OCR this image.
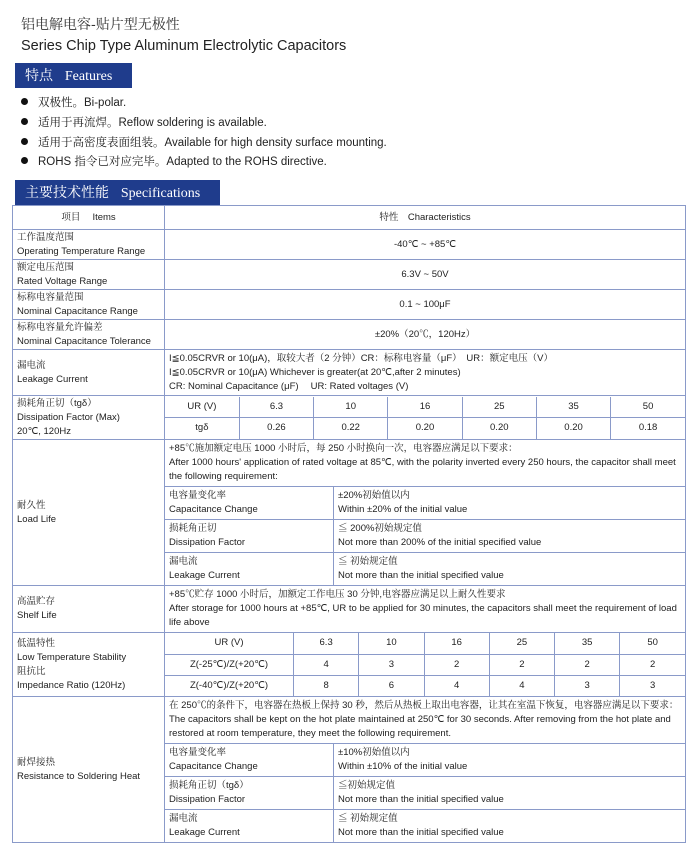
铝电解电容-贴片型无极性
Series Chip Type Aluminum Electrolytic Capacitors
特点 Features
双极性。Bi-polar.
适用于再流焊。Reflow soldering is available.
适用于高密度表面组装。Available for high density surface mounting.
ROHS 指令已对应完毕。Adapted to the ROHS directive.
主要技术性能 Specifications
项目　 Items	特性　Characteristics

工作温度范围
Operating Temperature Range
	-40℃ ~ +85℃

额定电压范围
Rated Voltage Range
	6.3V ~ 50V

标称电容量范围
Nominal Capacitance Range
	0.1 ~ 100μF

标称电容量允许偏差
Nominal Capacitance Tolerance
	±20%（20℃，120Hz）

漏电流
Leakage Current

I≦0.05CRVR or 10(μA)，取较大者（2 分钟）CR：标称电容量（μF）　UR：额定电压（V）
I≦0.05CRVR or 10(μA) Whichever is greater(at 20℃,after 2 minutes)
CR: Nominal Capacitance (μF)　 UR: Rated voltages (V)

损耗角正切（tgδ）
Dissipation Factor (Max)
20℃, 120Hz

UR (V)	6.3	10	16	25	35	50
tgδ	0.26	0.22	0.20	0.20	0.20	0.18

耐久性
Load Life

+85℃施加额定电压 1000 小时后，每 250 小时换向一次，电容器应满足以下要求：
After 1000 hours' application of rated voltage at 85℃, with the polarity inverted every 250 hours, the capacitor shall meet the following requirement:
电容量变化率
Capacitance Change

±20%初始值以内
Within ±20% of the initial value

损耗角正切
Dissipation Factor

≦ 200%初始规定值
Not more than 200% of the initial specified value

漏电流
Leakage Current

≦ 初始规定值
Not more than the initial specified value

高温贮存
Shelf Life

+85℃贮存 1000 小时后，加额定工作电压 30 分钟,电容器应满足以上耐久性要求
After storage for 1000 hours at +85℃, UR to be applied for 30 minutes, the capacitors shall meet the requirement of load life above

低温特性
Low Temperature Stability
阻抗比
Impedance Ratio (120Hz)

UR (V)	6.3	10	16	25	35	50
Z(-25℃)/Z(+20℃)	4	3	2	2	2	2
Z(-40℃)/Z(+20℃)	8	6	4	4	3	3

耐焊接热
Resistance to Soldering Heat

在 250℃的条件下，电容器在热板上保持 30 秒，然后从热板上取出电容器，让其在室温下恢复，电容器应满足以下要求：
The capacitors shall be kept on the hot plate maintained at 250℃ for 30 seconds. After removing from the hot plate and restored at room temperature, they meet the following requirement.
电容量变化率
Capacitance Change

±10%初始值以内
Within ±10% of the initial value

损耗角正切（tgδ）
Dissipation Factor

≦初始规定值
Not more than the initial specified value

漏电流
Leakage Current

≦ 初始规定值
Not more than the initial specified value
